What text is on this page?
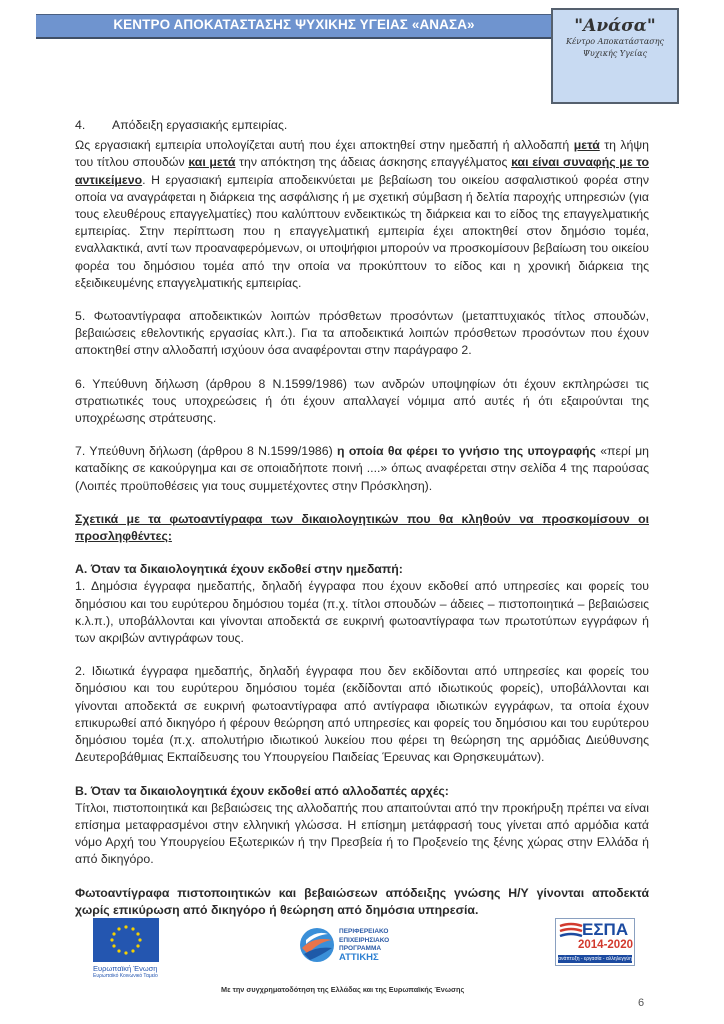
ΚΕΝΤΡΟ ΑΠΟΚΑΤΑΣΤΑΣΗΣ ΨΥΧΙΚΗΣ ΥΓΕΙΑΣ «ΑΝΑΣΑ»	"Ανάσα"
Κέντρο Αποκατάστασης
Ψυχικής Υγείας
4. Απόδειξη εργασιακής εμπειρίας.

Ως εργασιακή εμπειρία υπολογίζεται αυτή που έχει αποκτηθεί στην ημεδαπή ή αλλοδαπή μετά τη λήψη του τίτλου σπουδών και μετά την απόκτηση της άδειας άσκησης επαγγέλματος και είναι συναφής με το αντικείμενο. Η εργασιακή εμπειρία αποδεικνύεται με βεβαίωση του οικείου ασφαλιστικού φορέα στην οποία να αναγράφεται η διάρκεια της ασφάλισης ή με σχετική σύμβαση ή δελτία παροχής υπηρεσιών (για τους ελευθέρους επαγγελματίες) που καλύπτουν ενδεικτικώς τη διάρκεια και το είδος της επαγγελματικής εμπειρίας. Στην περίπτωση που η επαγγελματική εμπειρία έχει αποκτηθεί στον δημόσιο τομέα, εναλλακτικά, αντί των προαναφερόμενων, οι υποψήφιοι μπορούν να προσκομίσουν βεβαίωση του οικείου φορέα του δημόσιου τομέα από την οποία να προκύπτουν το είδος και η χρονική διάρκεια της εξειδικευμένης επαγγελματικής εμπειρίας.

5. Φωτοαντίγραφα αποδεικτικών λοιπών πρόσθετων προσόντων (μεταπτυχιακός τίτλος σπουδών, βεβαιώσεις εθελοντικής εργασίας κλπ.). Για τα αποδεικτικά λοιπών πρόσθετων προσόντων που έχουν αποκτηθεί στην αλλοδαπή ισχύουν όσα αναφέρονται στην παράγραφο 2.

6. Υπεύθυνη δήλωση (άρθρου 8 Ν.1599/1986) των ανδρών υποψηφίων ότι έχουν εκπληρώσει τις στρατιωτικές τους υποχρεώσεις ή ότι έχουν απαλλαγεί νόμιμα από αυτές ή ότι εξαιρούνται της υποχρέωσης στράτευσης.

7. Υπεύθυνη δήλωση (άρθρου 8 Ν.1599/1986) η οποία θα φέρει το γνήσιο της υπογραφής «περί μη καταδίκης σε κακούργημα και σε οποιαδήποτε ποινή ....» όπως αναφέρεται στην σελίδα 4 της παρούσας (Λοιπές προϋποθέσεις για τους συμμετέχοντες στην Πρόσκληση).

Σχετικά με τα φωτοαντίγραφα των δικαιολογητικών που θα κληθούν να προσκομίσουν οι προσληφθέντες:

Α. Όταν τα δικαιολογητικά έχουν εκδοθεί στην ημεδαπή:

1. Δημόσια έγγραφα ημεδαπής, δηλαδή έγγραφα που έχουν εκδοθεί από υπηρεσίες και φορείς του δημόσιου και του ευρύτερου δημόσιου τομέα (π.χ. τίτλοι σπουδών – άδειες – πιστοποιητικά – βεβαιώσεις κ.λ.π.), υποβάλλονται και γίνονται αποδεκτά σε ευκρινή φωτοαντίγραφα των πρωτοτύπων εγγράφων ή των ακριβών αντιγράφων τους.

2. Ιδιωτικά έγγραφα ημεδαπής, δηλαδή έγγραφα που δεν εκδίδονται από υπηρεσίες και φορείς του δημόσιου και του ευρύτερου δημόσιου τομέα (εκδίδονται από ιδιωτικούς φορείς), υποβάλλονται και γίνονται αποδεκτά σε ευκρινή φωτοαντίγραφα από αντίγραφα ιδιωτικών εγγράφων, τα οποία έχουν επικυρωθεί από δικηγόρο ή φέρουν θεώρηση από υπηρεσίες και φορείς του δημόσιου και του ευρύτερου δημόσιου τομέα (π.χ. απολυτήριο ιδιωτικού λυκείου που φέρει τη θεώρηση της αρμόδιας Διεύθυνσης Δευτεροβάθμιας Εκπαίδευσης του Υπουργείου Παιδείας Έρευνας και Θρησκευμάτων).

Β. Όταν τα δικαιολογητικά έχουν εκδοθεί από αλλοδαπές αρχές:

Τίτλοι, πιστοποιητικά και βεβαιώσεις της αλλοδαπής που απαιτούνται από την προκήρυξη πρέπει να είναι επίσημα μεταφρασμένοι στην ελληνική γλώσσα. Η επίσημη μετάφρασή τους γίνεται από αρμόδια κατά νόμο Αρχή του Υπουργείου Εξωτερικών ή την Πρεσβεία ή το Προξενείο της ξένης χώρας στην Ελλάδα ή από δικηγόρο.

Φωτοαντίγραφα πιστοποιητικών και βεβαιώσεων απόδειξης γνώσης Η/Υ γίνονται αποδεκτά χωρίς επικύρωση από δικηγόρο ή θεώρηση από δημόσια υπηρεσία.

Ευρωπαϊκή Ένωση
Ευρωπαϊκό Κοινωνικό Ταμείο
ΠΕΡΙΦΕΡΕΙΑΚΟ
ΕΠΙΧΕΙΡΗΣΙΑΚΟ
ΠΡΟΓΡΑΜΜΑ
ΑΤΤΙΚΗΣ
ΕΣΠΑ
2014-2020
ανάπτυξη - εργασία - αλληλεγγύη
Με την συγχρηματοδότηση της Ελλάδας και της Ευρωπαϊκής Ένωσης
6
